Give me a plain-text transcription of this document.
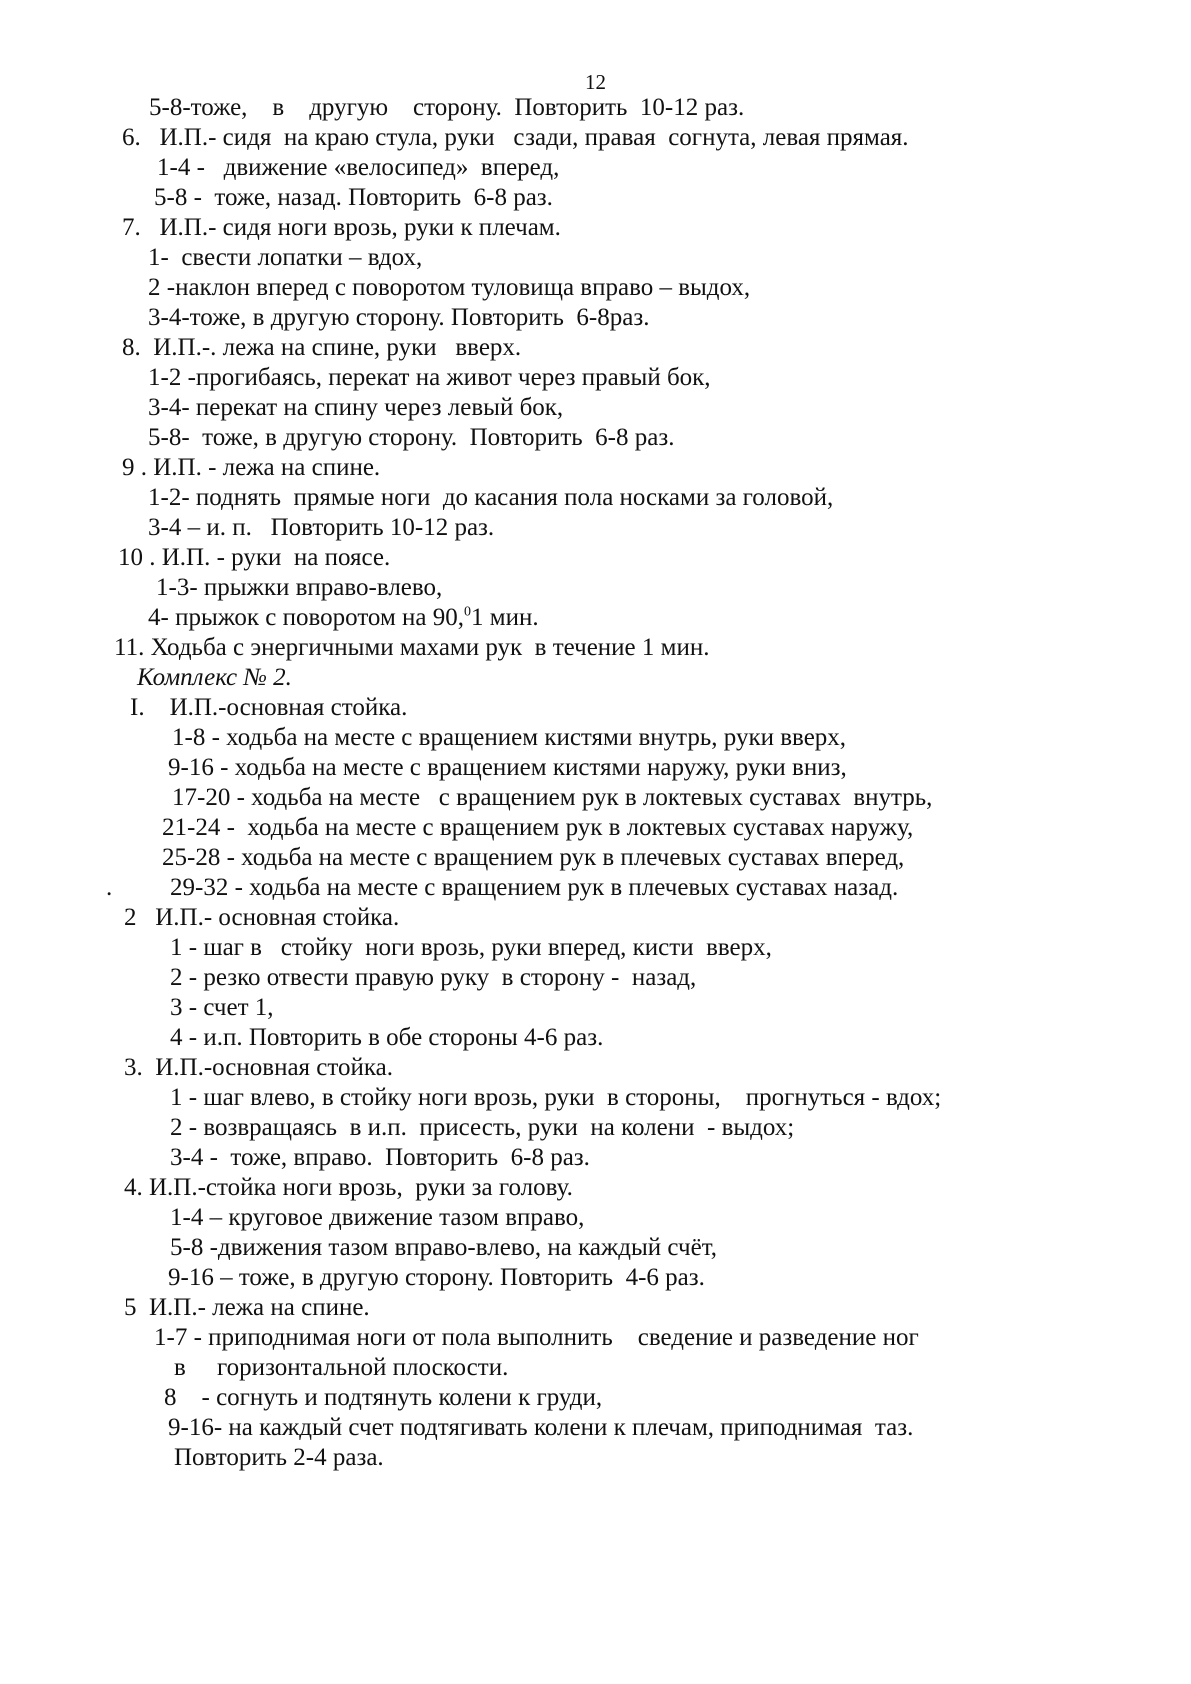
12
5-8-тоже,    в    другую    сторону.  Повторить  10-12 раз.
6.   И.П.- сидя  на краю стула, руки   сзади, правая  согнута, левая прямая.
1-4 -   движение «велосипед»  вперед,
5-8 -  тоже, назад. Повторить  6-8 раз.
7.   И.П.- сидя ноги врозь, руки к плечам.
1-  свести лопатки – вдох,
2 -наклон вперед с поворотом туловища вправо – выдох,
3-4-тоже, в другую сторону. Повторить  6-8раз.
8.  И.П.-. лежа на спине, руки   вверх.
1-2 -прогибаясь, перекат на живот через правый бок,
3-4- перекат на спину через левый бок,
5-8-  тоже, в другую сторону.  Повторить  6-8 раз.
9 . И.П. - лежа на спине.
1-2- поднять  прямые ноги  до касания пола носками за головой,
3-4 – и. п.   Повторить 10-12 раз.
10 . И.П. - руки  на поясе.
1-3- прыжки вправо-влево,
4- прыжок с поворотом на 90,$^0$1 мин.
11. Ходьба с энергичными махами рук  в течение 1 мин.
Комплекс № 2.
I.    И.П.-основная стойка.
1-8 - ходьба на месте с вращением кистями внутрь, руки вверх,
9-16 - ходьба на месте с вращением кистями наружу, руки вниз,
17-20 - ходьба на месте   с вращением рук в локтевых суставах  внутрь,
21-24 -  ходьба на месте с вращением рук в локтевых суставах наружу,
25-28 - ходьба на месте с вращением рук в плечевых суставах вперед,
. 29-32 - ходьба на месте с вращением рук в плечевых суставах назад.
2   И.П.- основная стойка.
1 - шаг в   стойку  ноги врозь, руки вперед, кисти  вверх,
2 - резко отвести правую руку  в сторону -  назад,
3 - счет 1,
4 - и.п. Повторить в обе стороны 4-6 раз.
3.  И.П.-основная стойка.
1 - шаг влево, в стойку ноги врозь, руки  в стороны,    прогнуться - вдох;
2 - возвращаясь  в и.п.  присесть, руки  на колени  - выдох;
3-4 -  тоже, вправо.  Повторить  6-8 раз.
4. И.П.-стойка ноги врозь,  руки за голову.
1-4 – круговое движение тазом вправо,
5-8 -движения тазом вправо-влево, на каждый счёт,
9-16 – тоже, в другую сторону. Повторить  4-6 раз.
5  И.П.- лежа на спине.
1-7 - приподнимая ноги от пола выполнить    сведение и разведение ног
в     горизонтальной плоскости.
8    - согнуть и подтянуть колени к груди,
9-16- на каждый счет подтягивать колени к плечам, приподнимая  таз.
Повторить 2-4 раза.
